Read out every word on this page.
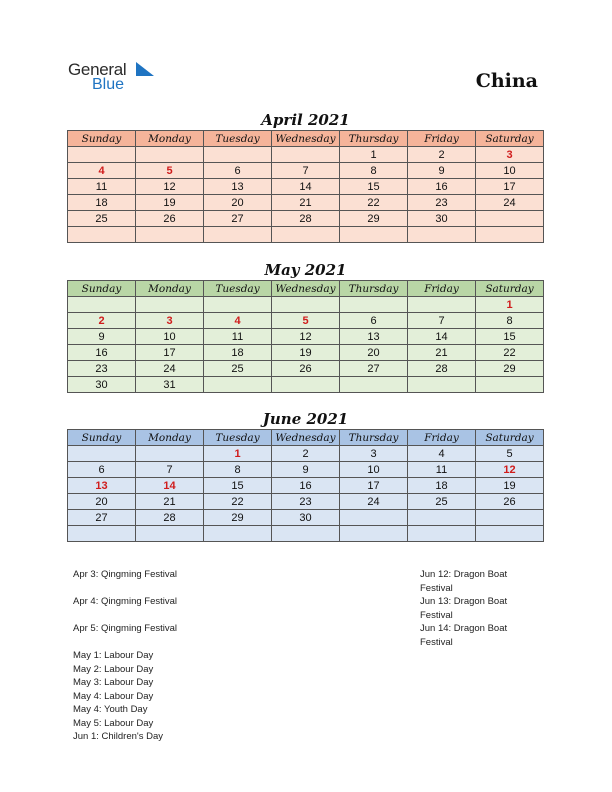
General
Blue	China
April 2021
Sunday	Monday	Tuesday	Wednesday	Thursday	Friday	Saturday
				1	2	3
4	5	6	7	8	9	10
11	12	13	14	15	16	17
18	19	20	21	22	23	24
25	26	27	28	29	30	

May 2021
Sunday	Monday	Tuesday	Wednesday	Thursday	Friday	Saturday
						1
2	3	4	5	6	7	8
9	10	11	12	13	14	15
16	17	18	19	20	21	22
23	24	25	26	27	28	29
30	31					
June 2021
Sunday	Monday	Tuesday	Wednesday	Thursday	Friday	Saturday
		1	2	3	4	5
6	7	8	9	10	11	12
13	14	15	16	17	18	19
20	21	22	23	24	25	26
27	28	29	30			

Apr 3: Qingming Festival

Apr 4: Qingming Festival

Apr 5: Qingming Festival

May 1: Labour Day
May 2: Labour Day
May 3: Labour Day
May 4: Labour Day
May 4: Youth Day
May 5: Labour Day
Jun 1: Children's Day
Jun 12: Dragon Boat
Festival
Jun 13: Dragon Boat
Festival
Jun 14: Dragon Boat
Festival
